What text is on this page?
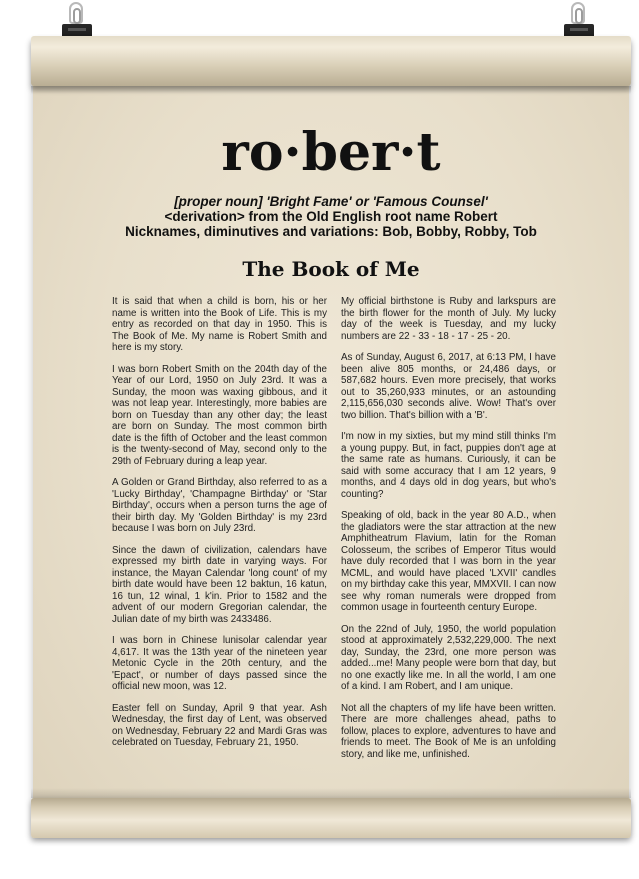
ro·ber·t
[proper noun] 'Bright Fame' or 'Famous Counsel'
<derivation> from the Old English root name Robert
Nicknames, diminutives and variations: Bob, Bobby, Robby, Tob
The Book of Me

It is said that when a child is born, his or her name is written into the Book of Life. This is my entry as recorded on that day in 1950. This is The Book of Me. My name is Robert Smith and here is my story.

I was born Robert Smith on the 204th day of the Year of our Lord, 1950 on July 23rd. It was a Sunday, the moon was waxing gibbous, and it was not leap year. Interestingly, more babies are born on Tuesday than any other day; the least are born on Sunday. The most common birth date is the fifth of October and the least common is the twenty-second of May, second only to the 29th of February during a leap year.

A Golden or Grand Birthday, also referred to as a 'Lucky Birthday', 'Champagne Birthday' or 'Star Birthday', occurs when a person turns the age of their birth day. My 'Golden Birthday' is my 23rd because I was born on July 23rd.

Since the dawn of civilization, calendars have expressed my birth date in varying ways. For instance, the Mayan Calendar 'long count' of my birth date would have been 12 baktun, 16 katun, 16 tun, 12 winal, 1 k'in. Prior to 1582 and the advent of our modern Gregorian calendar, the Julian date of my birth was 2433486.

I was born in Chinese lunisolar calendar year 4,617. It was the 13th year of the nineteen year Metonic Cycle in the 20th century, and the 'Epact', or number of days passed since the official new moon, was 12.

Easter fell on Sunday, April 9 that year. Ash Wednesday, the first day of Lent, was observed on Wednesday, February 22 and Mardi Gras was celebrated on Tuesday, February 21, 1950.

My official birthstone is Ruby and larkspurs are the birth flower for the month of July. My lucky day of the week is Tuesday, and my lucky numbers are 22 - 33 - 18 - 17 - 25 - 20.

As of Sunday, August 6, 2017, at 6:13 PM, I have been alive 805 months, or 24,486 days, or 587,682 hours. Even more precisely, that works out to 35,260,933 minutes, or an astounding 2,115,656,030 seconds alive. Wow! That's over two billion. That's billion with a 'B'.

I'm now in my sixties, but my mind still thinks I'm a young puppy. But, in fact, puppies don't age at the same rate as humans. Curiously, it can be said with some accuracy that I am 12 years, 9 months, and 4 days old in dog years, but who's counting?

Speaking of old, back in the year 80 A.D., when the gladiators were the star attraction at the new Amphitheatrum Flavium, latin for the Roman Colosseum, the scribes of Emperor Titus would have duly recorded that I was born in the year MCML, and would have placed 'LXVII' candles on my birthday cake this year, MMXVII. I can now see why roman numerals were dropped from common usage in fourteenth century Europe.

On the 22nd of July, 1950, the world population stood at approximately 2,532,229,000. The next day, Sunday, the 23rd, one more person was added...me! Many people were born that day, but no one exactly like me. In all the world, I am one of a kind. I am Robert, and I am unique.

Not all the chapters of my life have been written. There are more challenges ahead, paths to follow, places to explore, adventures to have and friends to meet. The Book of Me is an unfolding story, and like me, unfinished.
